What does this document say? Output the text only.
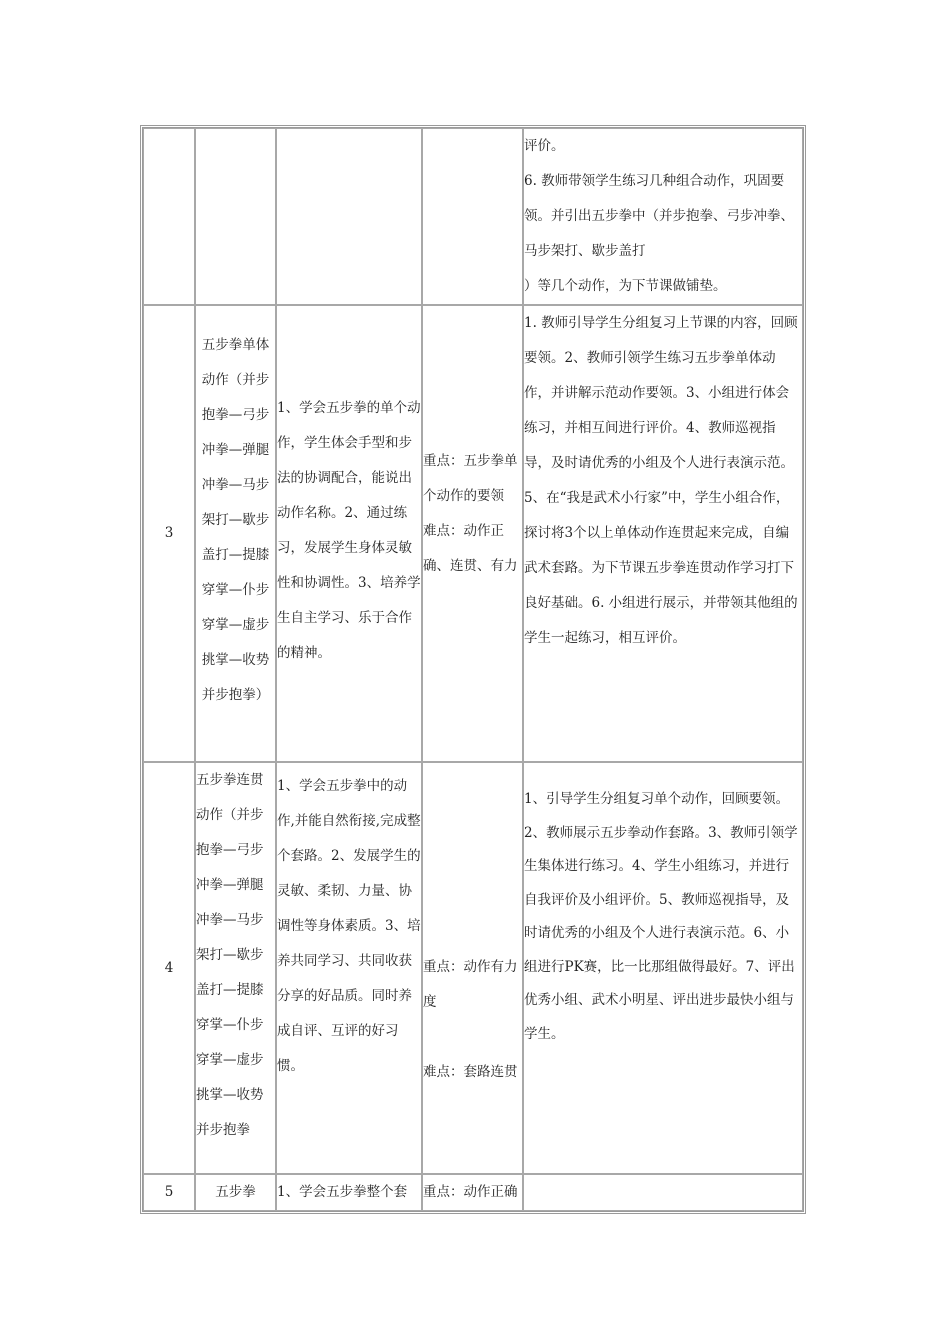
				评价。
6. 教师带领学生练习几种组合动作，巩固要领。并引出五步拳中（并步抱拳、弓步冲拳、马步架打、歇步盖打
）等几个动作，为下节课做铺垫。

3	五步拳单体动作（并步抱拳—弓步冲拳—弹腿冲拳—马步架打—歇步盖打—提膝穿掌—仆步穿掌—虚步挑掌—收势并步抱拳）	1、学会五步拳的单个动作，学生体会手型和步法的协调配合，能说出动作名称。2、通过练习，发展学生身体灵敏性和协调性。3、培养学生自主学习、乐于合作的精神。	重点：五步拳单个动作的要领
难点：动作正确、连贯、有力	1. 教师引导学生分组复习上节课的内容，回顾要领。2、教师引领学生练习五步拳单体动作，并讲解示范动作要领。3、小组进行体会练习，并相互间进行评价。4、教师巡视指导，及时请优秀的小组及个人进行表演示范。5、在“我是武术小行家”中，学生小组合作，探讨将3个以上单体动作连贯起来完成，自编武术套路。为下节课五步拳连贯动作学习打下良好基础。6. 小组进行展示，并带领其他组的学生一起练习，相互评价。

4	五步拳连贯动作（并步抱拳—弓步冲拳—弹腿冲拳—马步架打—歇步盖打—提膝穿掌—仆步穿掌—虚步挑掌—收势并步抱拳	1、学会五步拳中的动作,并能自然衔接,完成整个套路。2、发展学生的灵敏、柔韧、力量、协调性等身体素质。3、培养共同学习、共同收获分享的好品质。同时养成自评、互评的好习惯。	重点：动作有力度
难点：套路连贯	1、引导学生分组复习单个动作，回顾要领。2、教师展示五步拳动作套路。3、教师引领学生集体进行练习。4、学生小组练习，并进行自我评价及小组评价。5、教师巡视指导，及时请优秀的小组及个人进行表演示范。6、小组进行PK赛，比一比那组做得最好。7、评出优秀小组、武术小明星、评出进步最快小组与学生。

5	五步拳	1、学会五步拳整个套	重点：动作正确	
